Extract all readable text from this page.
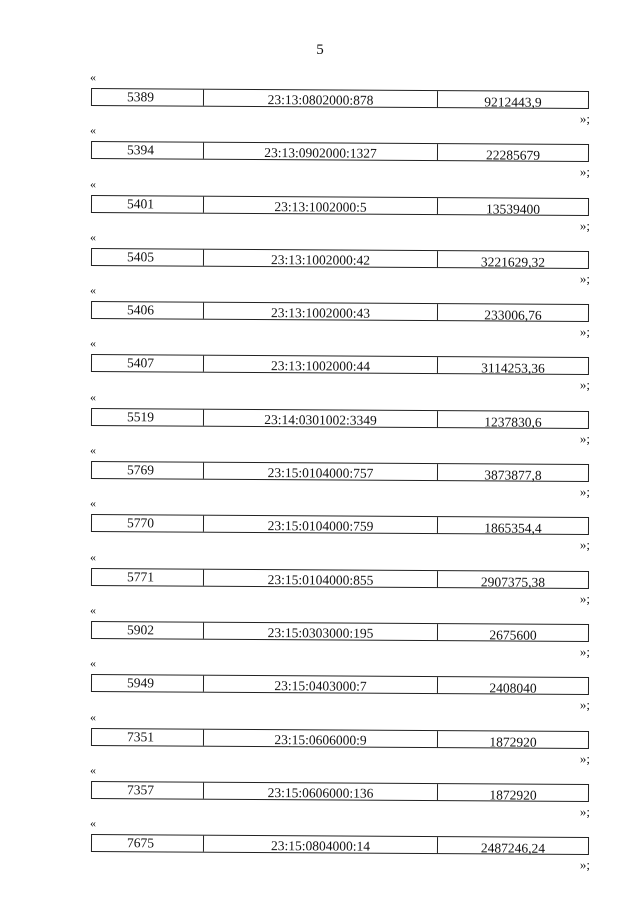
5
«
5389	23:13:0802000:878	9212443,9
»;
«
5394	23:13:0902000:1327	22285679
»;
«
5401	23:13:1002000:5	13539400
»;
«
5405	23:13:1002000:42	3221629,32
»;
«
5406	23:13:1002000:43	233006,76
»;
«
5407	23:13:1002000:44	3114253,36
»;
«
5519	23:14:0301002:3349	1237830,6
»;
«
5769	23:15:0104000:757	3873877,8
»;
«
5770	23:15:0104000:759	1865354,4
»;
«
5771	23:15:0104000:855	2907375,38
»;
«
5902	23:15:0303000:195	2675600
»;
«
5949	23:15:0403000:7	2408040
»;
«
7351	23:15:0606000:9	1872920
»;
«
7357	23:15:0606000:136	1872920
»;
«
7675	23:15:0804000:14	2487246,24
»;
